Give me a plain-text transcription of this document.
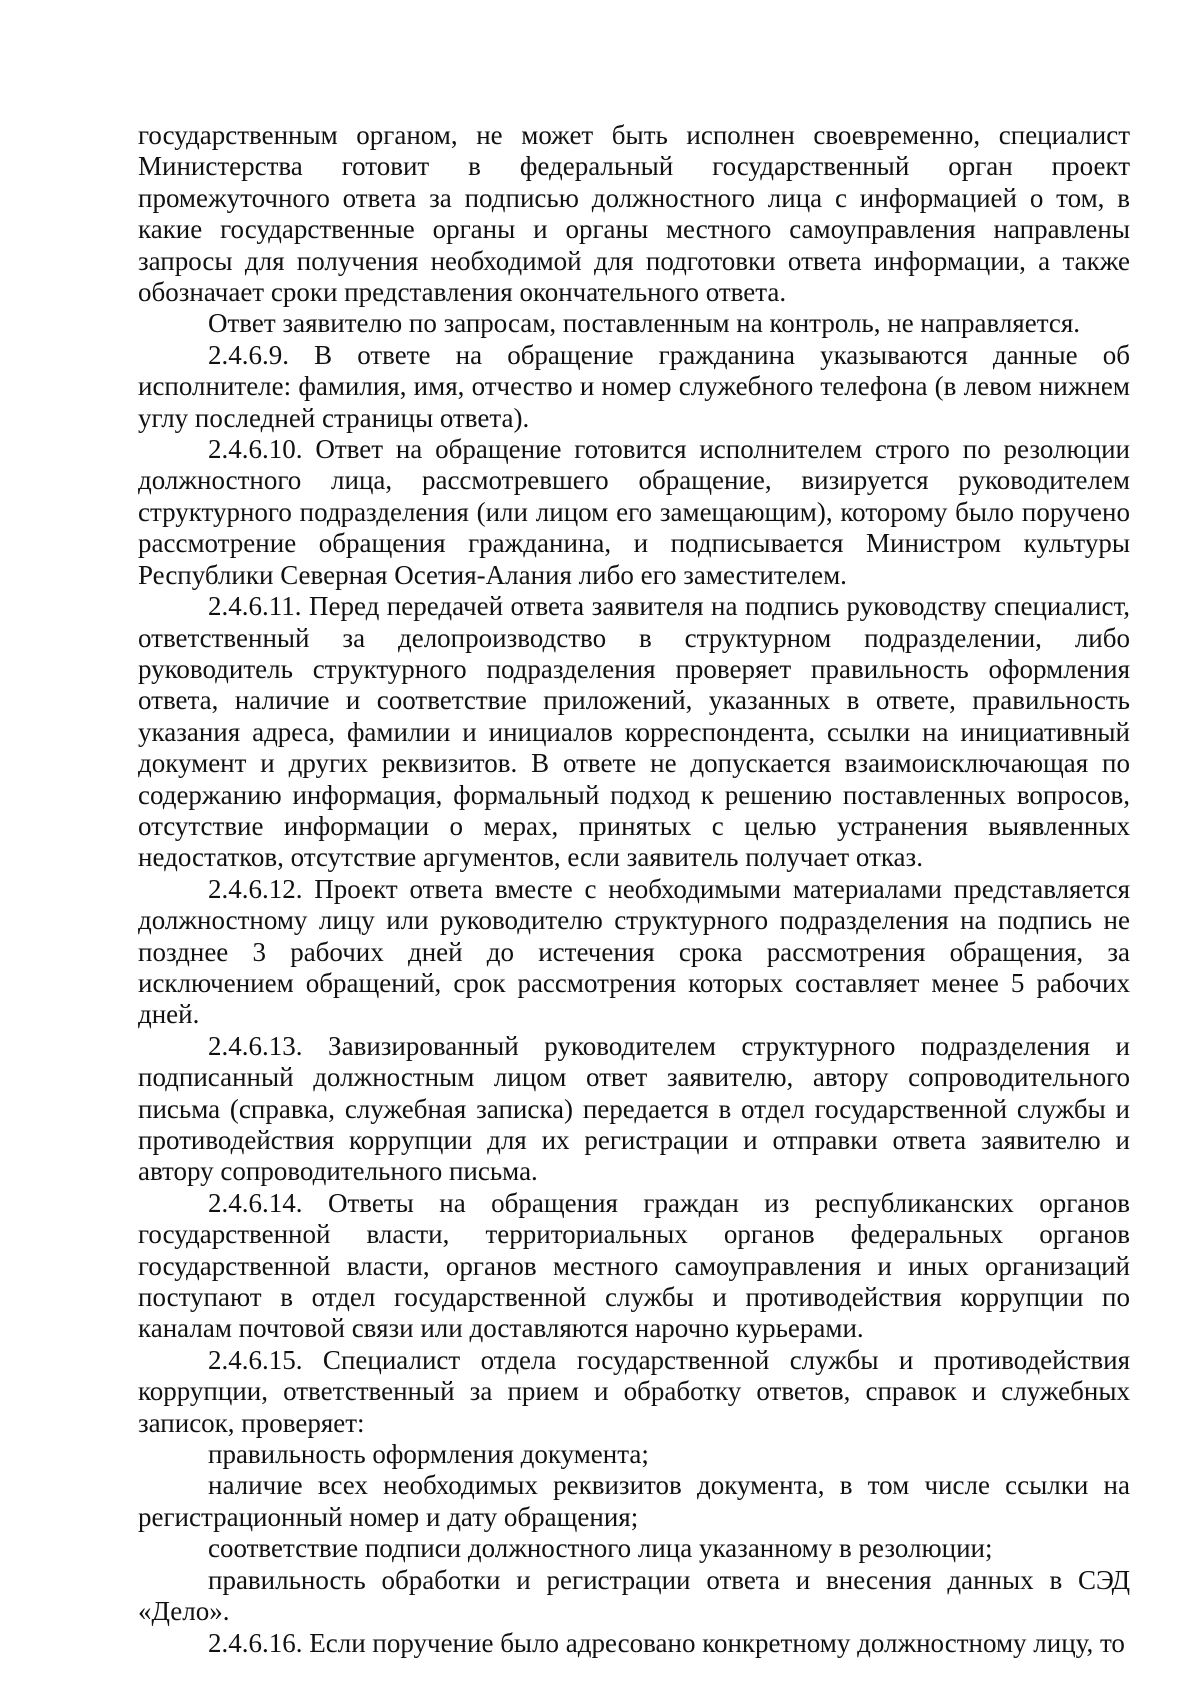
государственным органом, не может быть исполнен своевременно, специалист Министерства готовит в федеральный государственный орган проект промежуточного ответа за подписью должностного лица с информацией о том, в какие государственные органы и органы местного самоуправления направлены запросы для получения необходимой для подготовки ответа информации, а также обозначает сроки представления окончательного ответа.

Ответ заявителю по запросам, поставленным на контроль, не направляется.

2.4.6.9. В ответе на обращение гражданина указываются данные об исполнителе: фамилия, имя, отчество и номер служебного телефона (в левом нижнем углу последней страницы ответа).

2.4.6.10. Ответ на обращение готовится исполнителем строго по резолюции должностного лица, рассмотревшего обращение, визируется руководителем структурного подразделения (или лицом его замещающим), которому было поручено рассмотрение обращения гражданина, и подписывается Министром культуры Республики Северная Осетия-Алания либо его заместителем.

2.4.6.11. Перед передачей ответа заявителя на подпись руководству специалист, ответственный за делопроизводство в структурном подразделении, либо руководитель структурного подразделения проверяет правильность оформления ответа, наличие и соответствие приложений, указанных в ответе, правильность указания адреса, фамилии и инициалов корреспондента, ссылки на инициативный документ и других реквизитов. В ответе не допускается взаимоисключающая по содержанию информация, формальный подход к решению поставленных вопросов, отсутствие информации о мерах, принятых с целью устранения выявленных недостатков, отсутствие аргументов, если заявитель получает отказ.

2.4.6.12. Проект ответа вместе с необходимыми материалами представляется должностному лицу или руководителю структурного подразделения на подпись не позднее 3 рабочих дней до истечения срока рассмотрения обращения, за исключением обращений, срок рассмотрения которых составляет менее 5 рабочих дней.

2.4.6.13. Завизированный руководителем структурного подразделения и подписанный должностным лицом ответ заявителю, автору сопроводительного письма (справка, служебная записка) передается в отдел государственной службы и противодействия коррупции для их регистрации и отправки ответа заявителю и автору сопроводительного письма.

2.4.6.14. Ответы на обращения граждан из республиканских органов государственной власти, территориальных органов федеральных органов государственной власти, органов местного самоуправления и иных организаций поступают в отдел государственной службы и противодействия коррупции по каналам почтовой связи или доставляются нарочно курьерами.

2.4.6.15. Специалист отдела государственной службы и противодействия коррупции, ответственный за прием и обработку ответов, справок и служебных записок, проверяет:

правильность оформления документа;

наличие всех необходимых реквизитов документа, в том числе ссылки на регистрационный номер и дату обращения;

соответствие подписи должностного лица указанному в резолюции;

правильность обработки и регистрации ответа и внесения данных в СЭД «Дело».

2.4.6.16. Если поручение было адресовано конкретному должностному лицу, то
